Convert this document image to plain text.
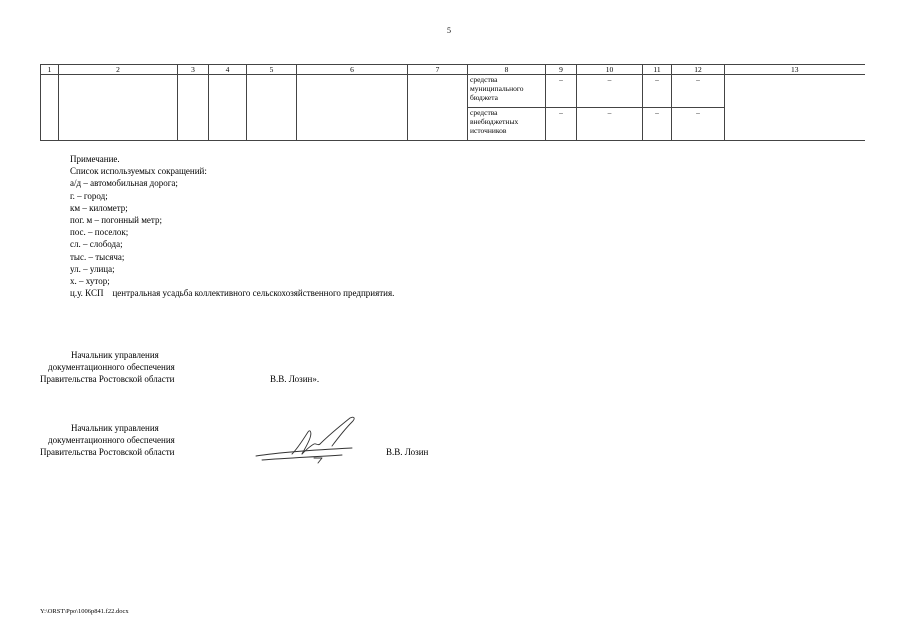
5
1	2	3	4	5	6	7	8	9	10	11	12	13

							средства
муниципального
бюджета	–	–	–	–	

							средства
внебюджетных
источников	–	–	–	–	
Примечание.
Список используемых сокращений:
а/д – автомобильная дорога;
г. – город;
км – километр;
пог. м – погонный метр;
пос. – поселок;
сл. – слобода;
тыс. – тысяча;
ул. – улица;
х. – хутор;
ц.у. КСП    центральная усадьба коллективного сельскохозяйственного предприятия.
Начальник управления
документационного обеспечения
Правительства Ростовской области	В.В. Лозин».
Начальник управления
документационного обеспечения
Правительства Ростовской области	В.В. Лозин
Y:\ORST\Ppo\1006p841.f22.docx
